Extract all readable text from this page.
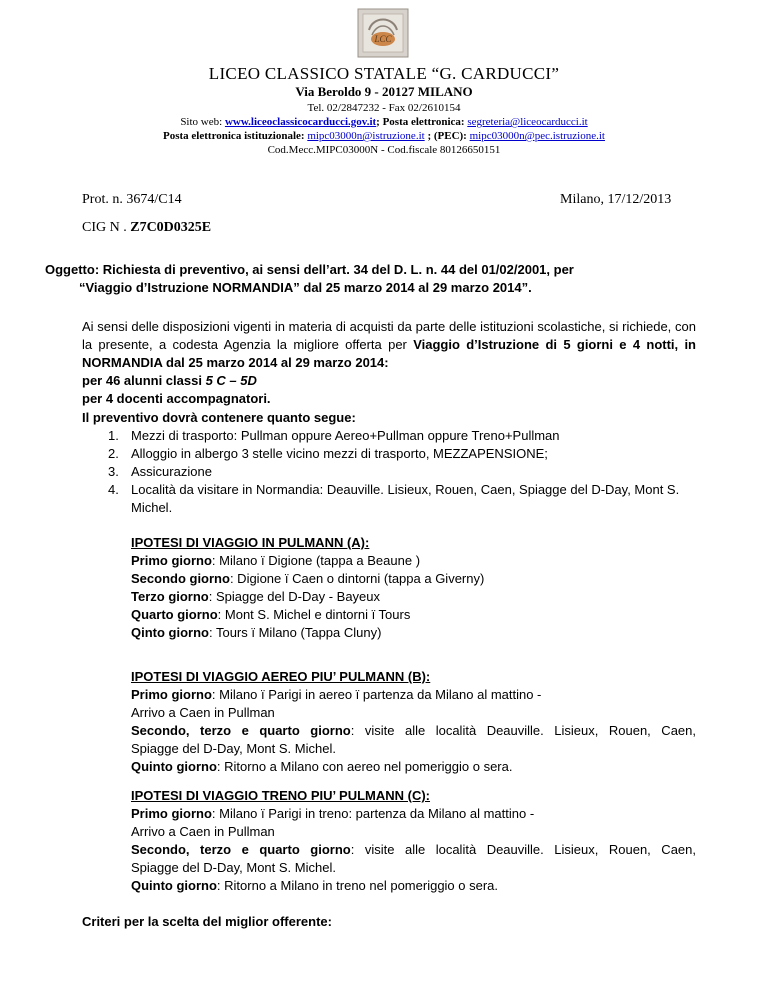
LCC
LICEO CLASSICO STATALE “G. CARDUCCI”
Via Beroldo 9 - 20127 MILANO
Tel. 02/2847232 - Fax 02/2610154
Sito web: www.liceoclassicocarducci.gov.it; Posta elettronica: segreteria@liceocarducci.it
Posta elettronica istituzionale: mipc03000n@istruzione.it ; (PEC): mipc03000n@pec.istruzione.it
Cod.Mecc.MIPC03000N - Cod.fiscale 80126650151
Prot. n. 3674/C14	Milano, 17/12/2013
CIG N . Z7C0D0325E
Oggetto: Richiesta di preventivo, ai sensi dell’art. 34 del D. L. n. 44 del 01/02/2001, per
“Viaggio d’Istruzione NORMANDIA” dal 25 marzo 2014 al 29 marzo 2014”.
Ai sensi delle disposizioni vigenti in materia di acquisti da parte delle istituzioni scolastiche, si richiede, con la presente, a codesta Agenzia la migliore offerta per Viaggio d’Istruzione di 5 giorni e 4 notti, in NORMANDIA dal 25 marzo 2014 al 29 marzo 2014:
per 46 alunni classi 5 C – 5D
per 4 docenti accompagnatori.
Il preventivo dovrà contenere quanto segue:
1. Mezzi di trasporto: Pullman oppure Aereo+Pullman oppure Treno+Pullman
2. Alloggio in albergo 3 stelle vicino mezzi di trasporto, MEZZAPENSIONE;
3. Assicurazione
4. Località da visitare in Normandia: Deauville. Lisieux, Rouen, Caen, Spiagge del D-Day, Mont S. Michel.
IPOTESI DI VIAGGIO IN PULMANN (A):
Primo giorno: Milano ï Digione (tappa a Beaune )
Secondo giorno: Digione ï Caen o dintorni (tappa a Giverny)
Terzo giorno: Spiagge del D-Day - Bayeux
Quarto giorno: Mont S. Michel e dintorni ï Tours
Qinto giorno: Tours ï Milano (Tappa Cluny)
IPOTESI DI VIAGGIO AEREO PIU’ PULMANN (B):
Primo giorno: Milano ï Parigi in aereo ï partenza da Milano al mattino -
Arrivo a Caen in Pullman
Secondo, terzo e quarto giorno: visite alle località Deauville. Lisieux, Rouen, Caen,
Spiagge del D-Day, Mont S. Michel.
Quinto giorno: Ritorno a Milano con aereo nel pomeriggio o sera.
IPOTESI DI VIAGGIO TRENO PIU’ PULMANN (C):
Primo giorno: Milano ï Parigi in treno: partenza da Milano al mattino -
Arrivo a Caen in Pullman
Secondo, terzo e quarto giorno: visite alle località Deauville. Lisieux, Rouen, Caen,
Spiagge del D-Day, Mont S. Michel.
Quinto giorno: Ritorno a Milano in treno nel pomeriggio o sera.
Criteri per la scelta del miglior offerente:
